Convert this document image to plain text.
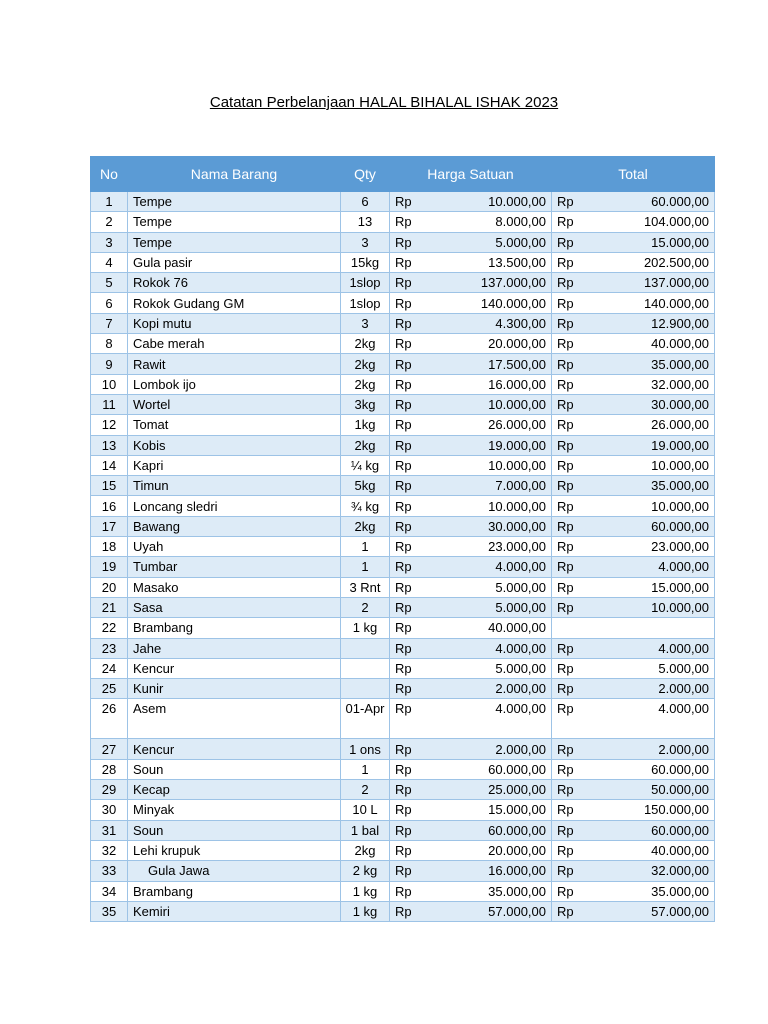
Catatan Perbelanjaan HALAL BIHALAL ISHAK 2023
No	Nama Barang	Qty	Harga Satuan		Total	
1	Tempe	6	Rp	10.000,00	Rp	60.000,00
2	Tempe	13	Rp	8.000,00	Rp	104.000,00
3	Tempe	3	Rp	5.000,00	Rp	15.000,00
4	Gula pasir	15kg	Rp	13.500,00	Rp	202.500,00
5	Rokok 76	1slop	Rp	137.000,00	Rp	137.000,00
6	Rokok Gudang GM	1slop	Rp	140.000,00	Rp	140.000,00
7	Kopi mutu	3	Rp	4.300,00	Rp	12.900,00
8	Cabe merah	2kg	Rp	20.000,00	Rp	40.000,00
9	Rawit	2kg	Rp	17.500,00	Rp	35.000,00
10	Lombok ijo	2kg	Rp	16.000,00	Rp	32.000,00
11	Wortel	3kg	Rp	10.000,00	Rp	30.000,00
12	Tomat	1kg	Rp	26.000,00	Rp	26.000,00
13	Kobis	2kg	Rp	19.000,00	Rp	19.000,00
14	Kapri	¼ kg	Rp	10.000,00	Rp	10.000,00
15	Timun	5kg	Rp	7.000,00	Rp	35.000,00
16	Loncang sledri	¾ kg	Rp	10.000,00	Rp	10.000,00
17	Bawang	2kg	Rp	30.000,00	Rp	60.000,00
18	Uyah	1	Rp	23.000,00	Rp	23.000,00
19	Tumbar	1	Rp	4.000,00	Rp	4.000,00
20	Masako	3 Rnt	Rp	5.000,00	Rp	15.000,00
21	Sasa	2	Rp	5.000,00	Rp	10.000,00
22	Brambang	1 kg	Rp	40.000,00		
23	Jahe		Rp	4.000,00	Rp	4.000,00
24	Kencur		Rp	5.000,00	Rp	5.000,00
25	Kunir		Rp	2.000,00	Rp	2.000,00
26	Asem	01-Apr	Rp	4.000,00	Rp	4.000,00
27	Kencur	1 ons	Rp	2.000,00	Rp	2.000,00
28	Soun	1	Rp	60.000,00	Rp	60.000,00
29	Kecap	2	Rp	25.000,00	Rp	50.000,00
30	Minyak	10 L	Rp	15.000,00	Rp	150.000,00
31	Soun	1 bal	Rp	60.000,00	Rp	60.000,00
32	Lehi krupuk	2kg	Rp	20.000,00	Rp	40.000,00
33	Gula Jawa	2 kg	Rp	16.000,00	Rp	32.000,00
34	Brambang	1 kg	Rp	35.000,00	Rp	35.000,00
35	Kemiri	1 kg	Rp	57.000,00	Rp	57.000,00
